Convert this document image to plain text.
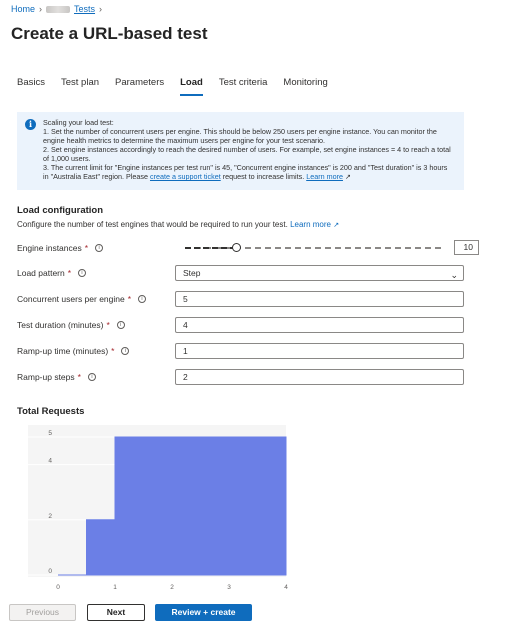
Home ›	Tests ›
Create a URL-based test
Basics Test plan Parameters Load Test criteria Monitoring
i	Scaling your load test:
1. Set the number of concurrent users per engine. This should be below 250 users per engine instance. You can monitor the engine health metrics to determine the maximum users per engine for your test scenario.
2. Set engine instances accordingly to reach the desired number of users. For example, set engine instances = 4 to reach a total of 1,000 users.
3. The current limit for "Engine instances per test run" is 45, "Concurrent engine instances" is 200 and "Test duration" is 3 hours in "Australia East" region. Please create a support ticket request to increase limits. Learn more ↗
Load configuration
Configure the number of test engines that would be required to run your test. Learn more ↗
Engine instances *	i	10
Load pattern *	i	Step	⌄
Concurrent users per engine *	i	5
Test duration (minutes) *	i	4
Ramp-up time (minutes) *	i	1
Ramp-up steps *	i	2
Total Requests
0
2
4
5
0	1	2	3	4
Previous	Next	Review + create
